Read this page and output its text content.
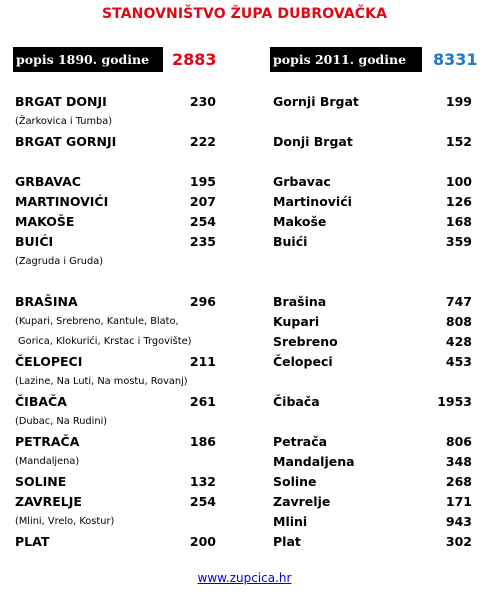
STANOVNIŠTVO ŽUPA DUBROVAČKA
popis 1890. godine	2883	popis 2011. godine	8331
BRGAT DONJI	230
(Žarkovica i Tumba)
BRGAT GORNJI	222
GRBAVAC	195
MARTINOVIĆI	207
MAKOŠE	254
BUIĆI	235
(Zagruda i Gruda)
BRAŠINA	296
(Kupari, Srebreno, Kantule, Blato,
Gorica, Klokurići, Krstac i Trgovište)
ČELOPECI	211
(Lazine, Na Luti, Na mostu, Rovanj)
ČIBAČA	261
(Dubac, Na Rudini)
PETRAČA	186
(Mandaljena)
SOLINE	132
ZAVRELJE	254
(Mlini, Vrelo, Kostur)
PLAT	200
Gornji Brgat	199
Donji Brgat	152
Grbavac	100
Martinovići	126
Makoše	168
Buići	359
Brašina	747
Kupari	808
Srebreno	428
Čelopeci	453
Čibača	1953
Petrača	806
Mandaljena	348
Soline	268
Zavrelje	171
Mlini	943
Plat	302
www.zupcica.hr
